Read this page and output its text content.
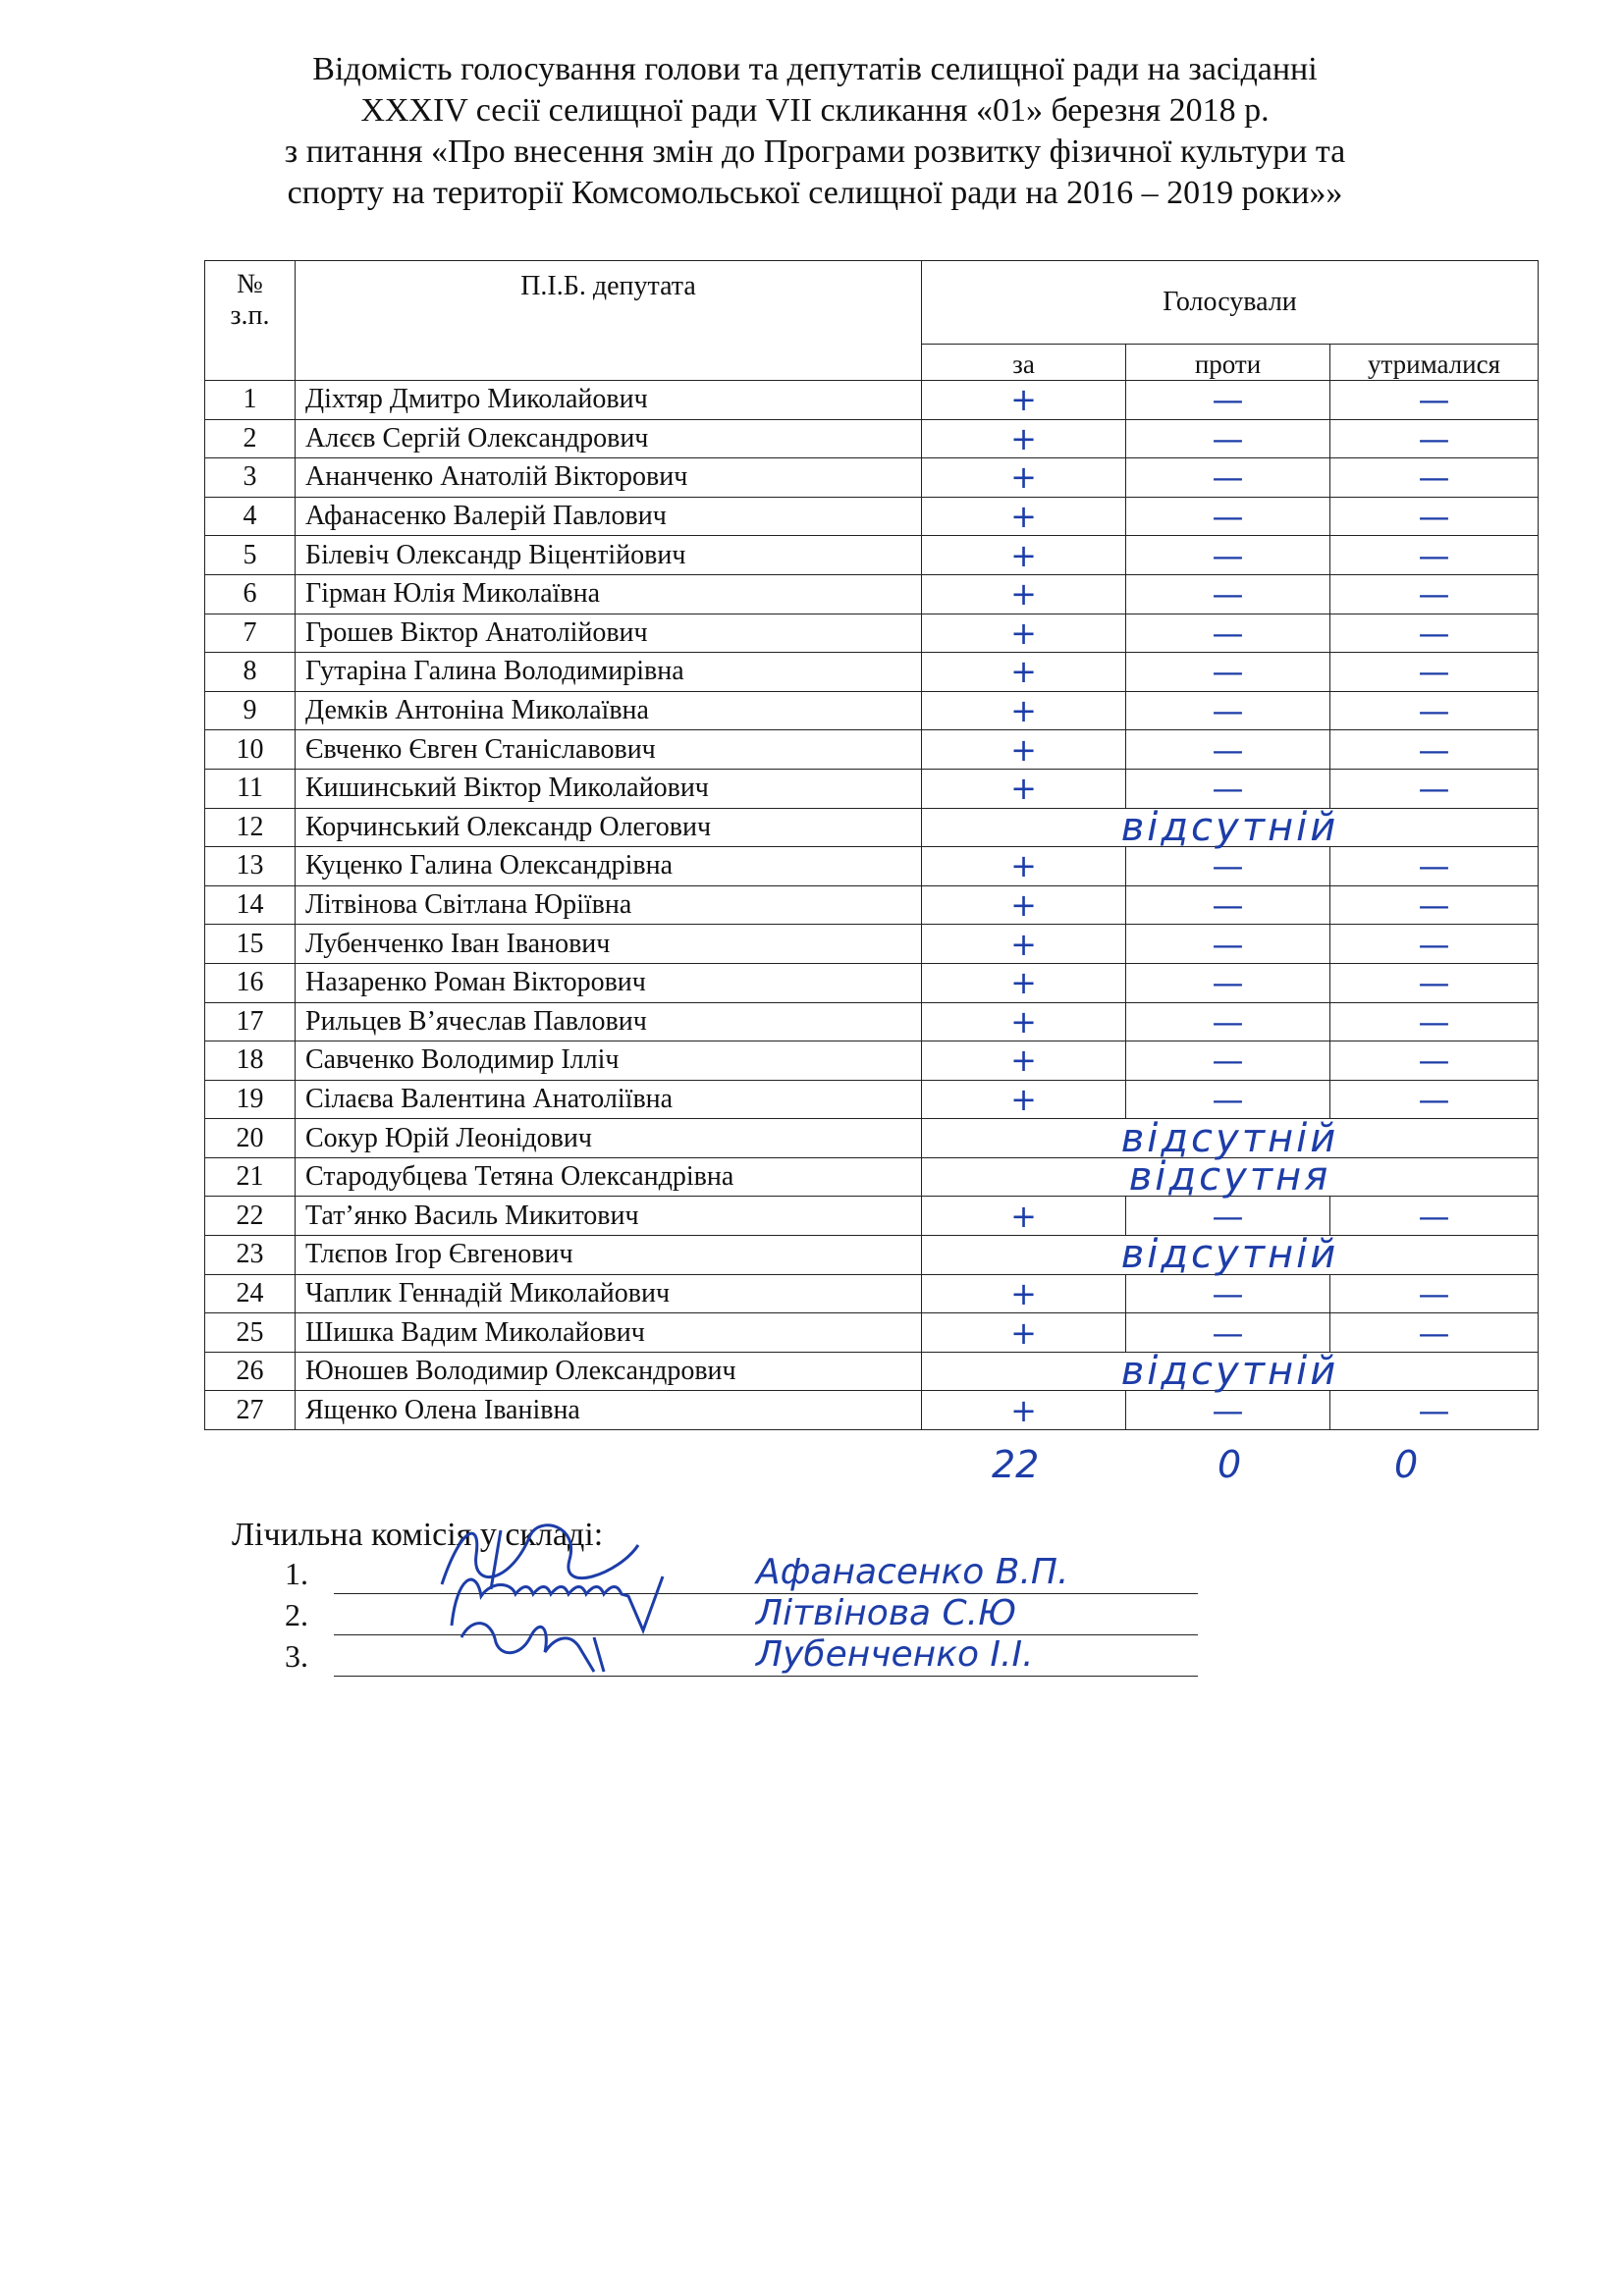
Відомість голосування голови та депутатів селищної ради на засіданні
XXXIV сесії селищної ради VII скликання «01» березня 2018 р.
з питання «Про внесення змін до Програми розвитку фізичної культури та
спорту на території Комсомольської селищної ради на 2016 – 2019 роки»»
№
з.п.	П.І.Б. депутата	Голосували		
		за	проти	утрималися
1	Діхтяр Дмитро Миколайович	+	—	—
2	Алєєв Сергій Олександрович	+	—	—
3	Ананченко Анатолій Вікторович	+	—	—
4	Афанасенко Валерій Павлович	+	—	—
5	Білевіч Олександр Віцентійович	+	—	—
6	Гірман Юлія Миколаївна	+	—	—
7	Грошев Віктор Анатолійович	+	—	—
8	Гутаріна Галина Володимирівна	+	—	—
9	Демків Антоніна Миколаївна	+	—	—
10	Євченко Євген Станіславович	+	—	—
11	Кишинський Віктор Миколайович	+	—	—
12	Корчинський Олександр Олегович	відсутній		
13	Куценко Галина Олександрівна	+	—	—
14	Літвінова Світлана Юріївна	+	—	—
15	Лубенченко Іван Іванович	+	—	—
16	Назаренко Роман Вікторович	+	—	—
17	Рильцев В’ячеслав Павлович	+	—	—
18	Савченко Володимир Ілліч	+	—	—
19	Сілаєва Валентина Анатоліївна	+	—	—
20	Сокур Юрій Леонідович	відсутній		
21	Стародубцева Тетяна Олександрівна	відсутня		
22	Тат’янко Василь Микитович	+	—	—
23	Тлєпов Ігор Євгенович	відсутній		
24	Чаплик Геннадій Миколайович	+	—	—
25	Шишка Вадим Миколайович	+	—	—
26	Юношев Володимир Олександрович	відсутній		
27	Ященко Олена Іванівна	+	—	—
22	0	0
Лічильна комісія у складі:
1.	Афанасенко В.П.
2.	Літвінова С.Ю
3.	Лубенченко І.І.
